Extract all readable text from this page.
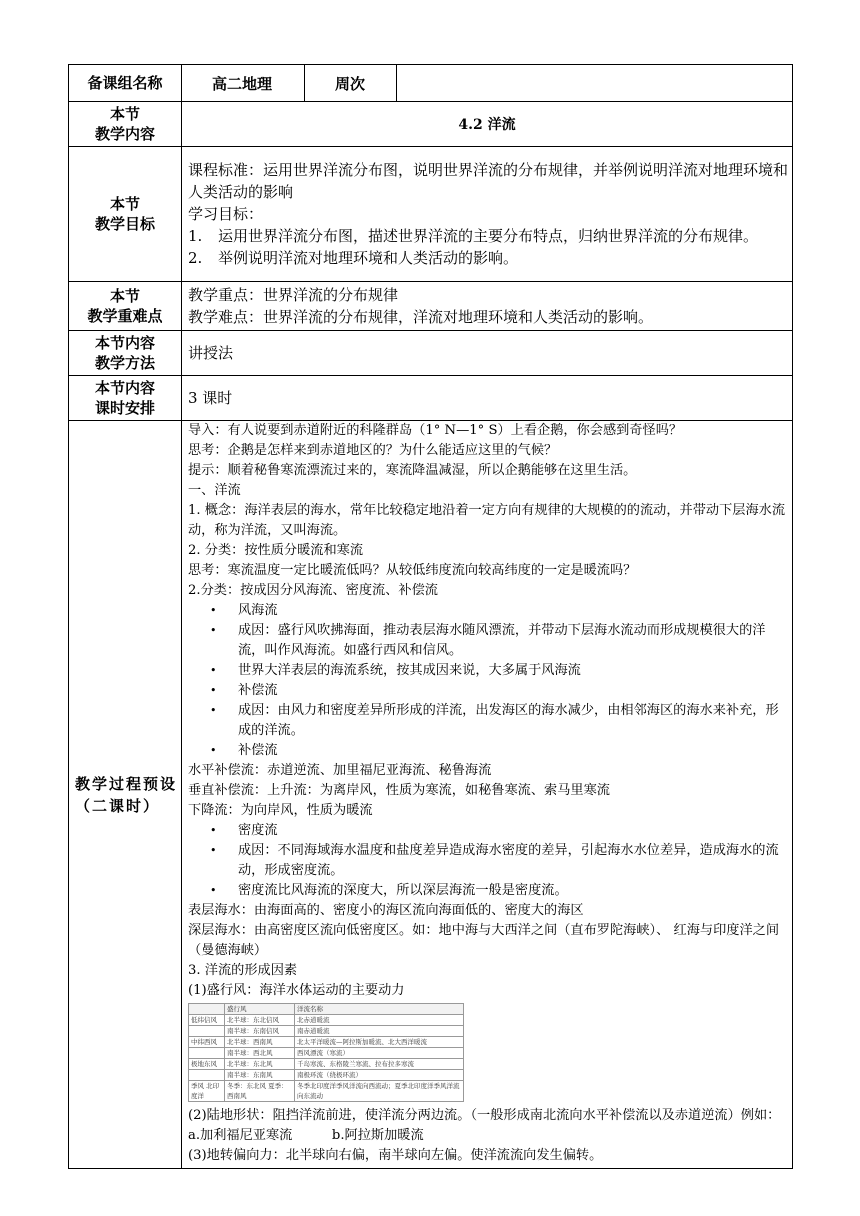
备课组名称	高二地理	周次	

本节
教学内容	4.2 洋流

本节
教学目标

课程标准：运用世界洋流分布图，说明世界洋流的分布规律，并举例说明洋流对地理环境和人类活动的影响
学习目标：
1.	运用世界洋流分布图，描述世界洋流的主要分布特点，归纳世界洋流的分布规律。
2.	举例说明洋流对地理环境和人类活动的影响。

本节
教学重难点

教学重点：世界洋流的分布规律
教学难点：世界洋流的分布规律，洋流对地理环境和人类活动的影响。

本节内容
教学方法
	讲授法

本节内容
课时安排
	3 课时
教学过程预设（二课时）	

导入：有人说要到赤道附近的科隆群岛（1° N—1° S）上看企鹅，你会感到奇怪吗？

思考：企鹅是怎样来到赤道地区的？为什么能适应这里的气候？

提示：顺着秘鲁寒流漂流过来的，寒流降温减湿，所以企鹅能够在这里生活。

一、洋流

1. 概念：海洋表层的海水，常年比较稳定地沿着一定方向有规律的大规模的的流动，并带动下层海水流动，称为洋流，又叫海流。

2. 分类：按性质分暖流和寒流

思考：寒流温度一定比暖流低吗？从较低纬度流向较高纬度的一定是暖流吗？

2.分类：按成因分风海流、密度流、补偿流

•	风海流
•	成因：盛行风吹拂海面，推动表层海水随风漂流，并带动下层海水流动而形成规模很大的洋流，叫作风海流。如盛行西风和信风。
•	世界大洋表层的海流系统，按其成因来说，大多属于风海流
•	补偿流
•	成因：由风力和密度差异所形成的洋流，出发海区的海水减少，由相邻海区的海水来补充，形成的洋流。
•	补偿流

水平补偿流：赤道逆流、加里福尼亚海流、秘鲁海流

垂直补偿流：上升流：为离岸风，性质为寒流，如秘鲁寒流、索马里寒流

下降流：为向岸风，性质为暖流

•	密度流
•	成因：不同海域海水温度和盐度差异造成海水密度的差异，引起海水水位差异，造成海水的流动，形成密度流。
•	密度流比风海流的深度大，所以深层海流一般是密度流。

表层海水：由海面高的、密度小的海区流向海面低的、密度大的海区

深层海水：由高密度区流向低密度区。如：地中海与大西洋之间（直布罗陀海峡）、 红海与印度洋之间（曼德海峡）

3. 洋流的形成因素

(1)盛行风：海洋水体运动的主要动力

	盛行风	洋流名称
低纬信风	北半球：东北信风	北赤道暖流
	南半球：东南信风	南赤道暖流
中纬西风	北半球：西南风	北太平洋暖流—阿拉斯加暖流、北大西洋暖流
	南半球：西北风	西风漂流（寒流）
极地东风	北半球：东北风	千岛寒流、东格陵兰寒流、拉布拉多寒流
	南半球：东南风	南极环流（绕极环流）
季风 北印度洋	冬季：东北风 夏季：西南风	冬季北印度洋季风洋流向西流动；夏季北印度洋季风洋流向东流动

(2)陆地形状：阻挡洋流前进，使洋流分两边流。（一般形成南北流向水平补偿流以及赤道逆流）例如：a.加利福尼亚寒流　　　b.阿拉斯加暖流

(3)地转偏向力：北半球向右偏，南半球向左偏。使洋流流向发生偏转。
